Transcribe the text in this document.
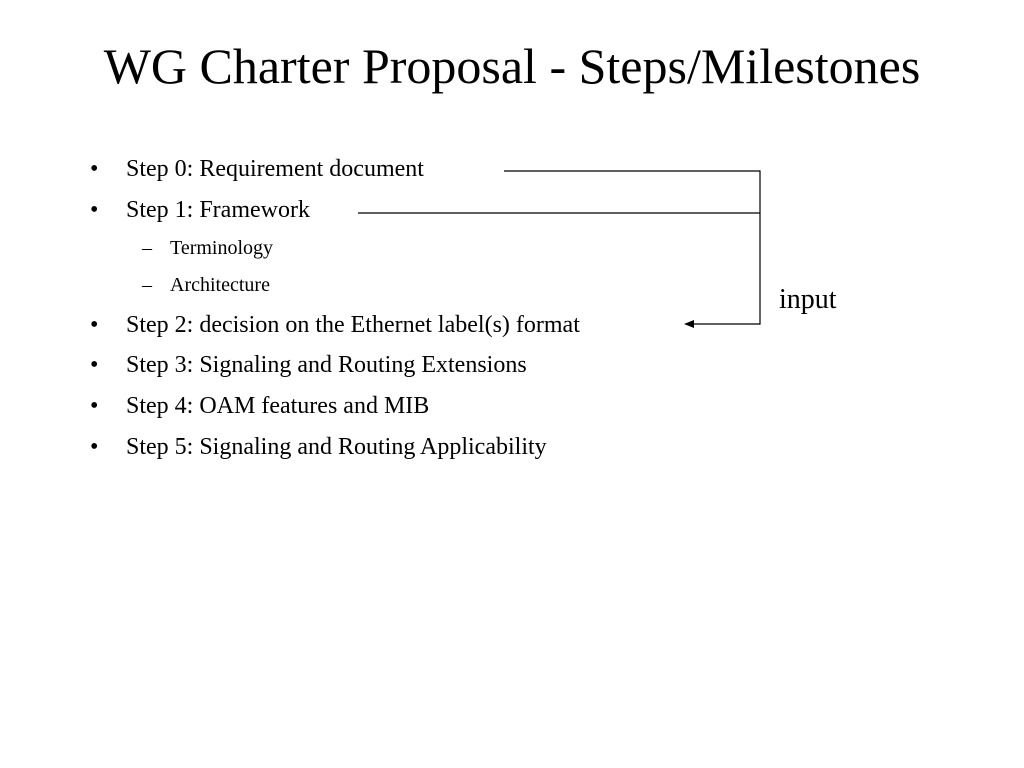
WG Charter Proposal - Steps/Milestones
• Step 0: Requirement document
• Step 1: Framework
– Terminology
– Architecture
• Step 2: decision on the Ethernet label(s) format
• Step 3: Signaling and Routing Extensions
• Step 4: OAM features and MIB
• Step 5: Signaling and Routing Applicability
input
